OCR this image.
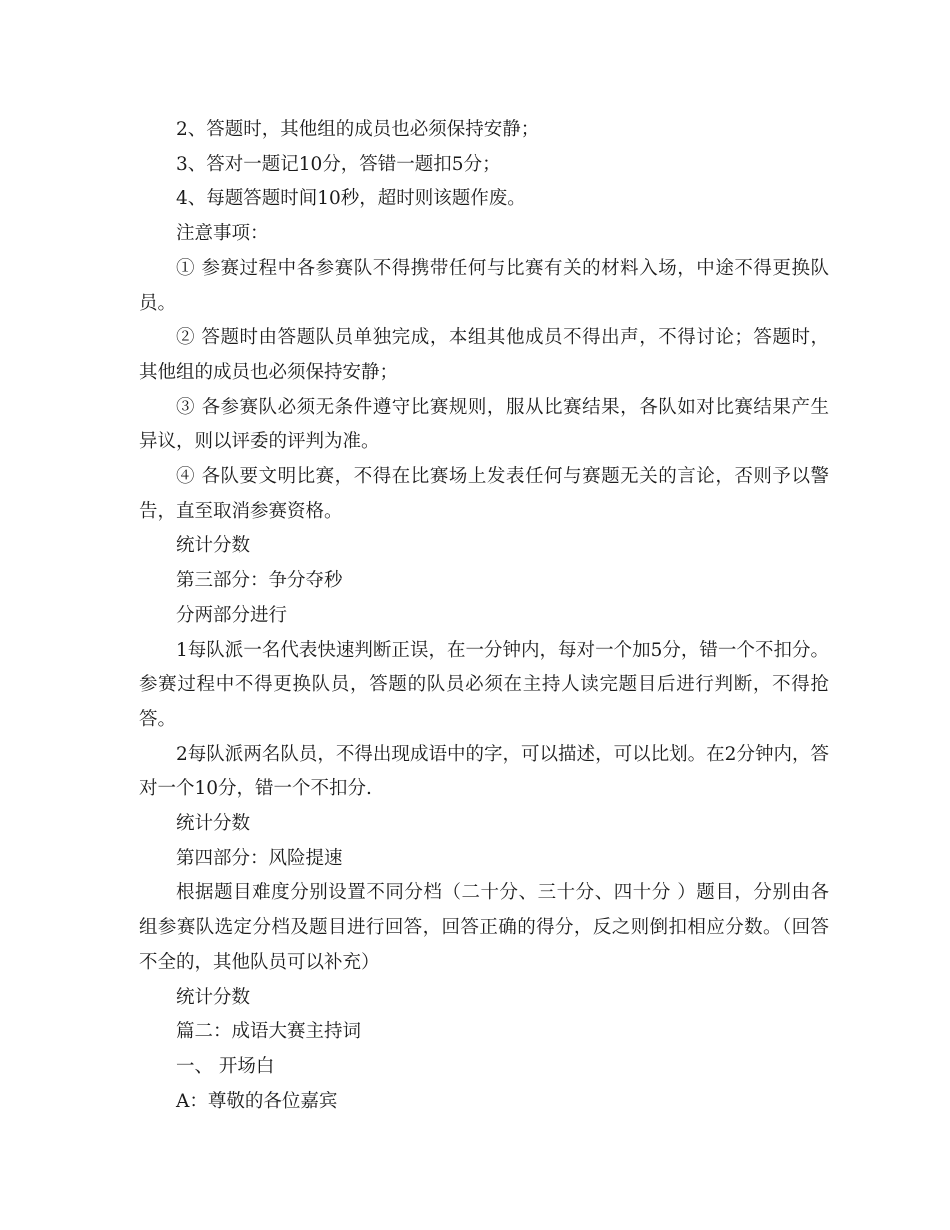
2、答题时，其他组的成员也必须保持安静；

3、答对一题记10分，答错一题扣5分；

4、每题答题时间10秒，超时则该题作废。

注意事项：

① 参赛过程中各参赛队不得携带任何与比赛有关的材料入场，中途不得更换队员。

② 答题时由答题队员单独完成，本组其他成员不得出声，不得讨论；答题时，其他组的成员也必须保持安静；

③ 各参赛队必须无条件遵守比赛规则，服从比赛结果，各队如对比赛结果产生异议，则以评委的评判为准。

④ 各队要文明比赛，不得在比赛场上发表任何与赛题无关的言论，否则予以警告，直至取消参赛资格。

统计分数

第三部分：争分夺秒

分两部分进行

1每队派一名代表快速判断正误，在一分钟内，每对一个加5分，错一个不扣分。参赛过程中不得更换队员，答题的队员必须在主持人读完题目后进行判断，不得抢答。

2每队派两名队员，不得出现成语中的字，可以描述，可以比划。在2分钟内，答对一个10分，错一个不扣分.

统计分数

第四部分：风险提速

根据题目难度分别设置不同分档（二十分、三十分、四十分 ）题目，分别由各组参赛队选定分档及题目进行回答，回答正确的得分，反之则倒扣相应分数。（回答不全的，其他队员可以补充）

统计分数

篇二：成语大赛主持词

一、 开场白

A：尊敬的各位嘉宾
